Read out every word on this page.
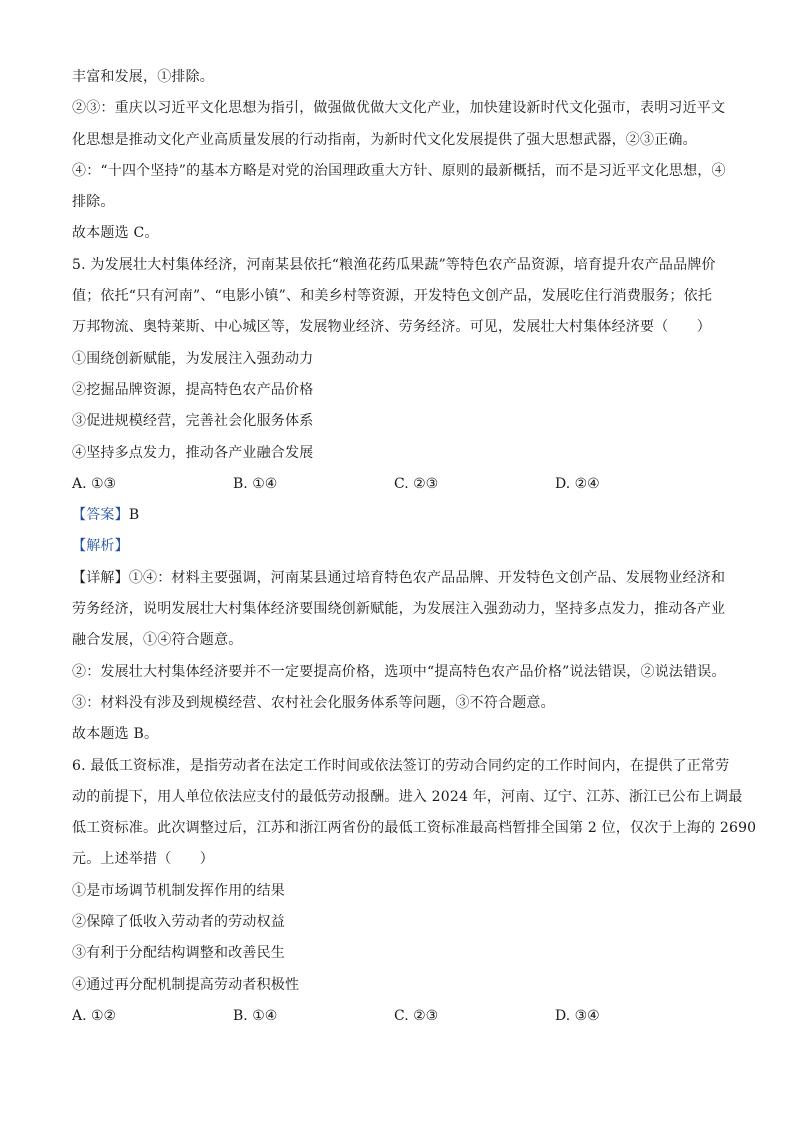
丰富和发展，①排除。
②③：重庆以习近平文化思想为指引，做强做优做大文化产业，加快建设新时代文化强市，表明习近平文
化思想是推动文化产业高质量发展的行动指南，为新时代文化发展提供了强大思想武器，②③正确。
④：“十四个坚持”的基本方略是对党的治国理政重大方针、原则的最新概括，而不是习近平文化思想，④
排除。
故本题选 C。
5. 为发展壮大村集体经济，河南某县依托“粮渔花药瓜果蔬”等特色农产品资源，培育提升农产品品牌价
值；依托“只有河南”、“电影小镇”、和美乡村等资源，开发特色文创产品，发展吃住行消费服务；依托
万邦物流、奥特莱斯、中心城区等，发展物业经济、劳务经济。可见，发展壮大村集体经济要（　　）
①围绕创新赋能，为发展注入强劲动力
②挖掘品牌资源，提高特色农产品价格
③促进规模经营，完善社会化服务体系
④坚持多点发力，推动各产业融合发展
A. ①③	B. ①④	C. ②③	D. ②④
【答案】B
【解析】
【详解】①④：材料主要强调，河南某县通过培育特色农产品品牌、开发特色文创产品、发展物业经济和
劳务经济，说明发展壮大村集体经济要围绕创新赋能，为发展注入强劲动力，坚持多点发力，推动各产业
融合发展，①④符合题意。
②：发展壮大村集体经济要并不一定要提高价格，选项中“提高特色农产品价格”说法错误，②说法错误。
③：材料没有涉及到规模经营、农村社会化服务体系等问题，③不符合题意。
故本题选 B。
6. 最低工资标准，是指劳动者在法定工作时间或依法签订的劳动合同约定的工作时间内，在提供了正常劳
动的前提下，用人单位依法应支付的最低劳动报酬。进入 2024 年，河南、辽宁、江苏、浙江已公布上调最
低工资标准。此次调整过后，江苏和浙江两省份的最低工资标准最高档暂排全国第 2 位，仅次于上海的 2690
元。上述举措（　　）
①是市场调节机制发挥作用的结果
②保障了低收入劳动者的劳动权益
③有利于分配结构调整和改善民生
④通过再分配机制提高劳动者积极性
A. ①②	B. ①④	C. ②③	D. ③④
